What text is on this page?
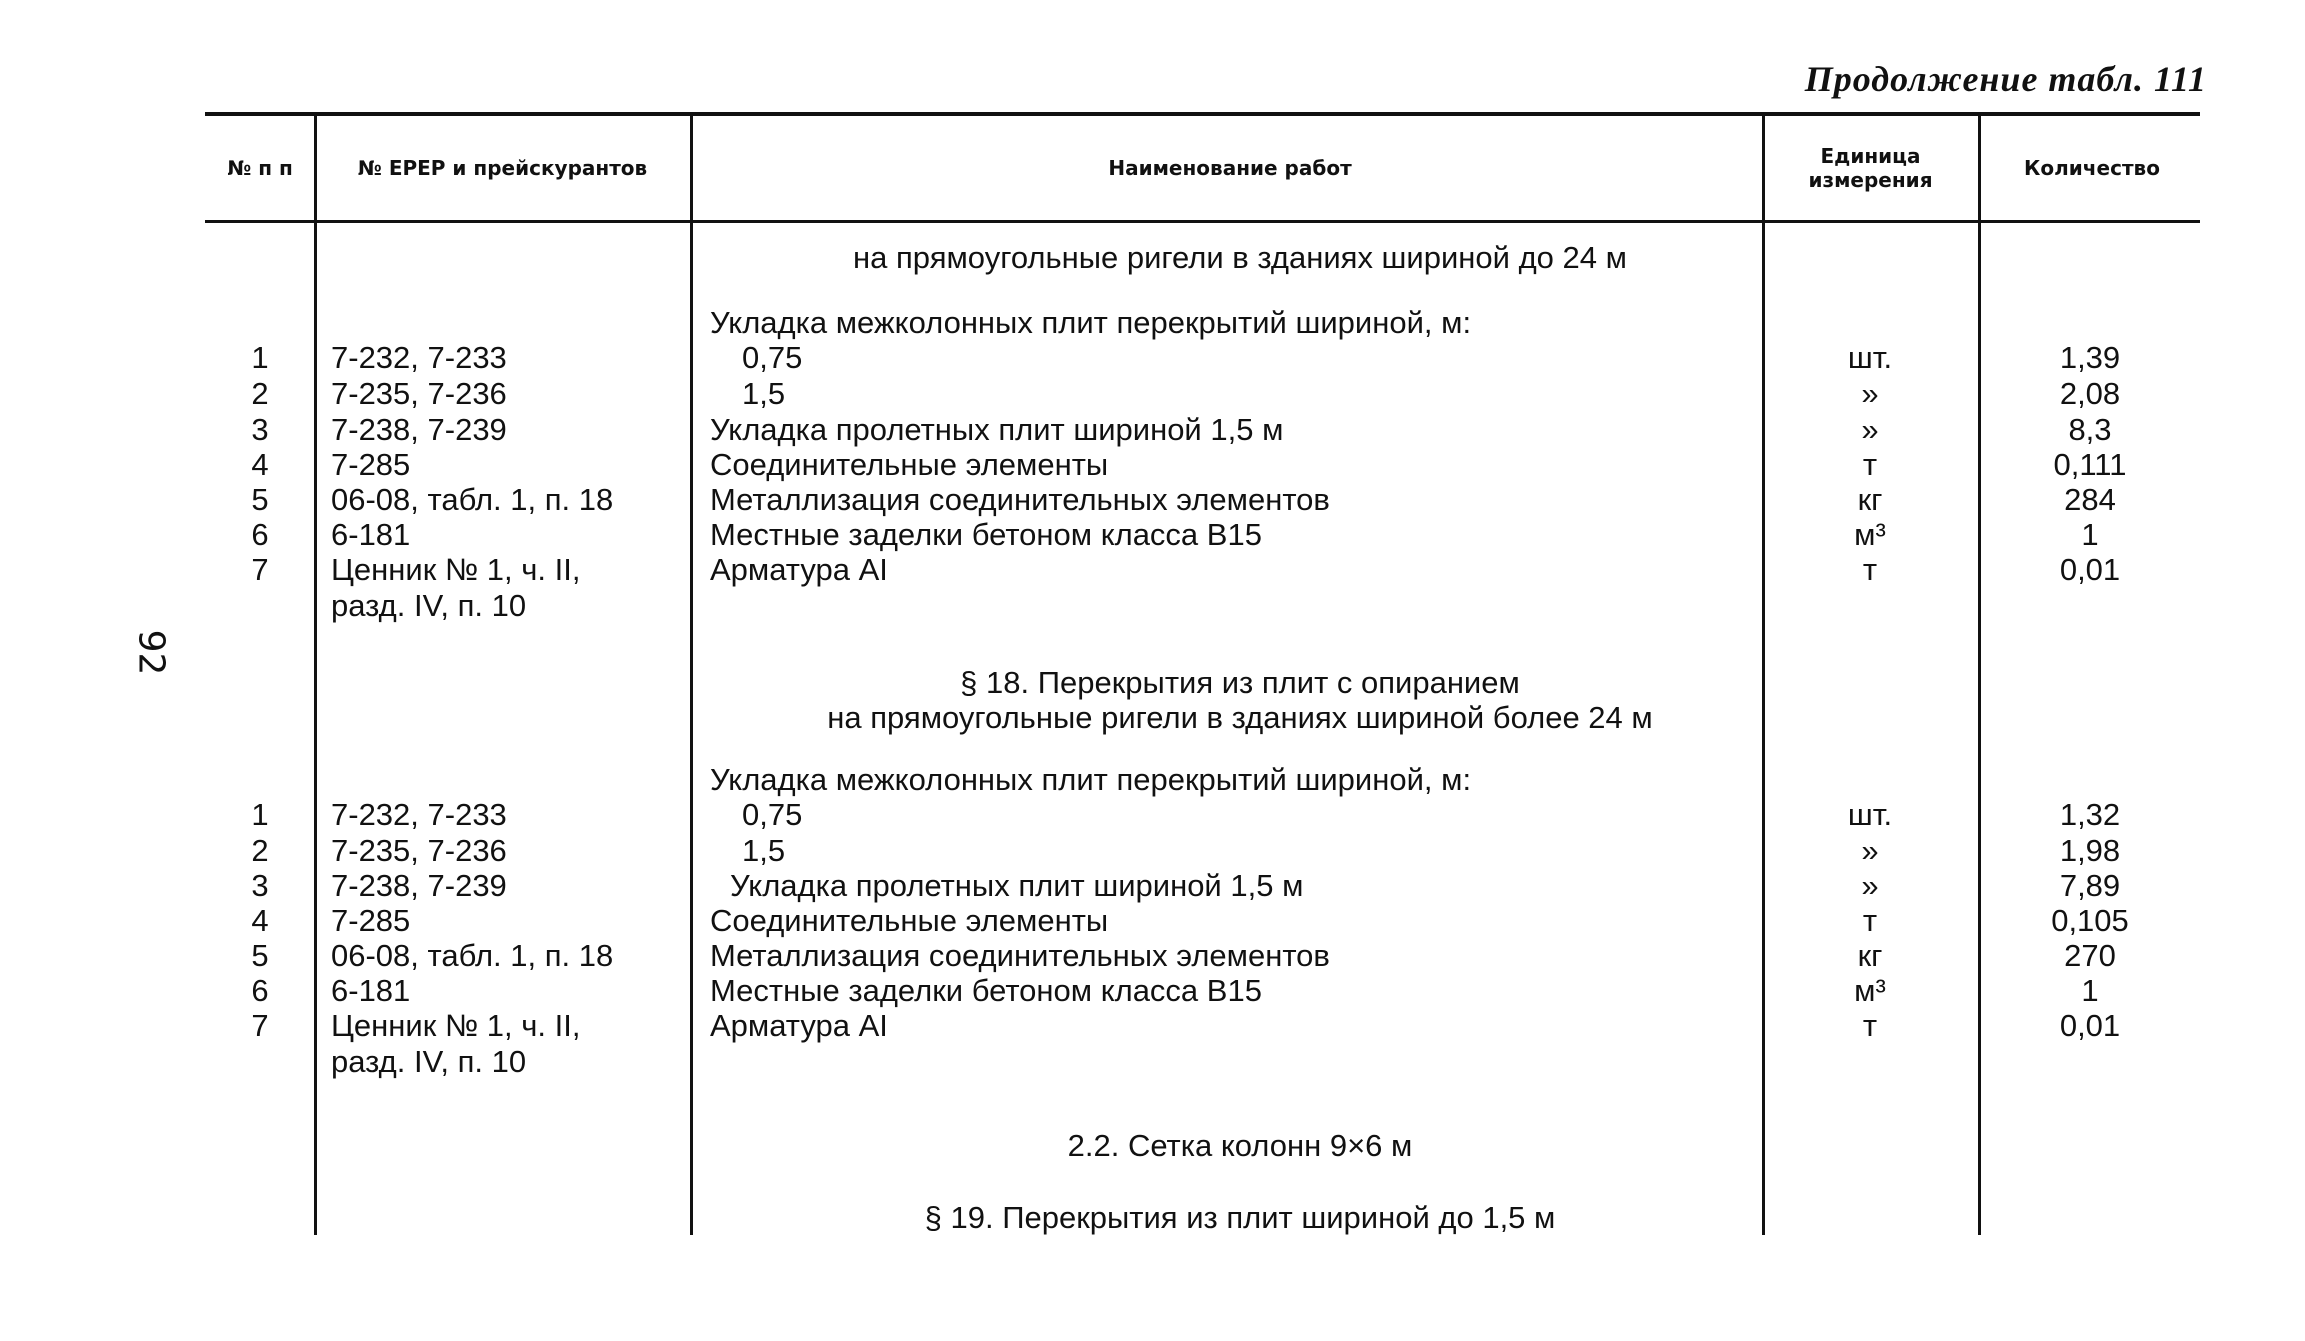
Продолжение табл. 111
№ п п	№ ЕРЕР и прейскурантов	Наименование работ	Единица измерения	Количество
92
на прямоугольные ригели в зданиях шириной до 24 м
Укладка межколонных плит перекрытий шириной, м:
1	7-232, 7-233	0,75	шт.	1,39
2	7-235, 7-236	1,5	»	2,08
3	7-238, 7-239	Укладка пролетных плит шириной 1,5 м	»	8,3
4	7-285	Соединительные элементы	т	0,111
5	06-08, табл. 1, п. 18	Металлизация соединительных элементов	кг	284
6	6-181	Местные заделки бетоном класса В15	м³	1
7	Ценник № 1, ч. II,	Арматура АI	т	0,01
разд. IV, п. 10
§ 18. Перекрытия из плит с опиранием
на прямоугольные ригели в зданиях шириной более 24 м
Укладка межколонных плит перекрытий шириной, м:
1	7-232, 7-233	0,75	шт.	1,32
2	7-235, 7-236	1,5	»	1,98
3	7-238, 7-239	Укладка пролетных плит шириной 1,5 м	»	7,89
4	7-285	Соединительные элементы	т	0,105
5	06-08, табл. 1, п. 18	Металлизация соединительных элементов	кг	270
6	6-181	Местные заделки бетоном класса В15	м³	1
7	Ценник № 1, ч. II,	Арматура АI	т	0,01
разд. IV, п. 10
2.2. Сетка колонн 9×6 м
§ 19. Перекрытия из плит шириной до 1,5 м
